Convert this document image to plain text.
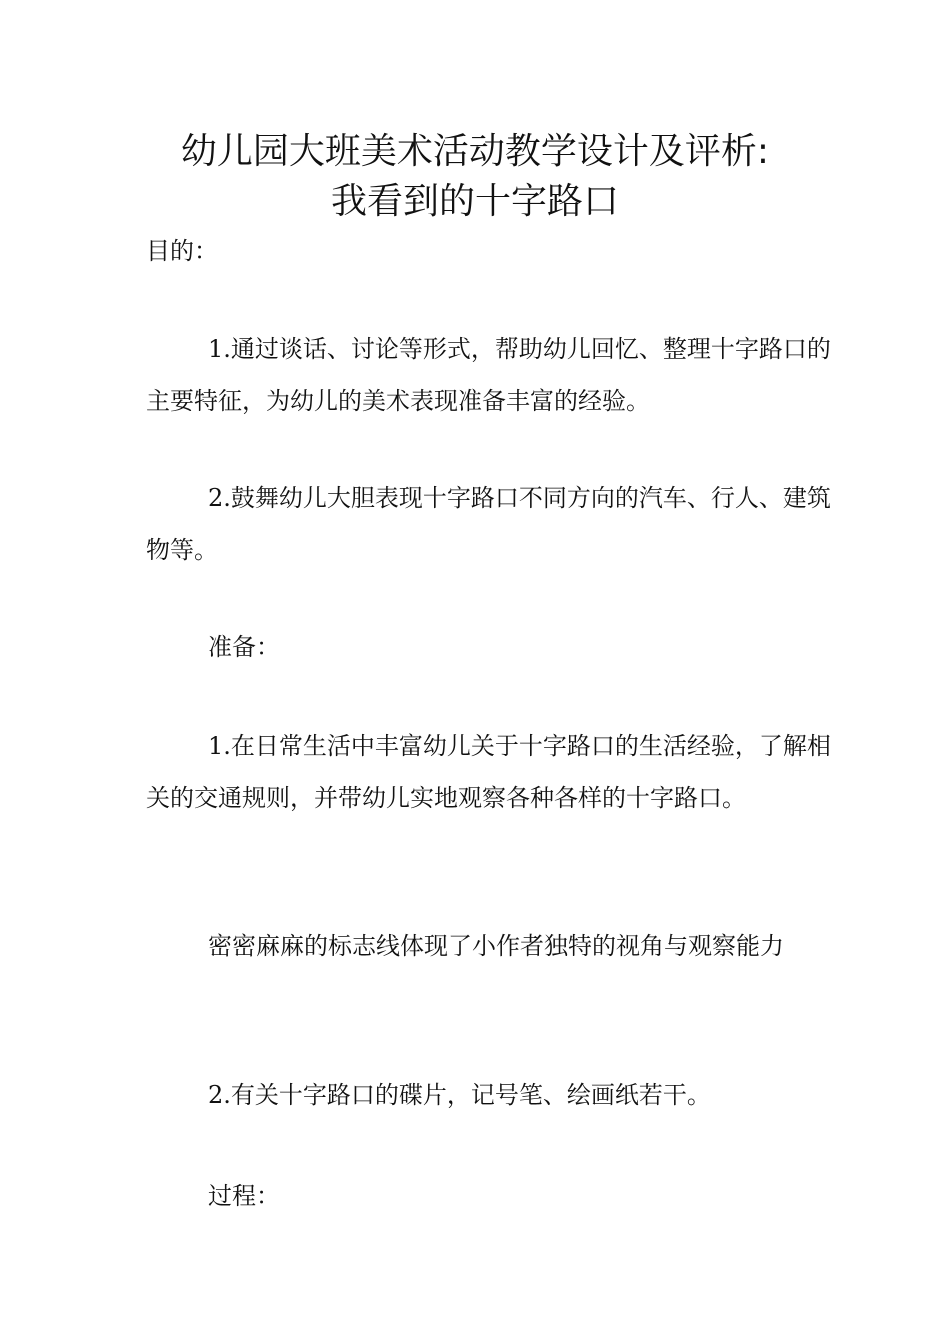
幼儿园大班美术活动教学设计及评析:
我看到的十字路口

目的：

1.通过谈话、讨论等形式，帮助幼儿回忆、整理十字路口的主要特征，为幼儿的美术表现准备丰富的经验。

2.鼓舞幼儿大胆表现十字路口不同方向的汽车、行人、建筑物等。

准备：

1.在日常生活中丰富幼儿关于十字路口的生活经验，了解相关的交通规则，并带幼儿实地观察各种各样的十字路口。

密密麻麻的标志线体现了小作者独特的视角与观察能力

2.有关十字路口的碟片，记号笔、绘画纸若干。

过程：
